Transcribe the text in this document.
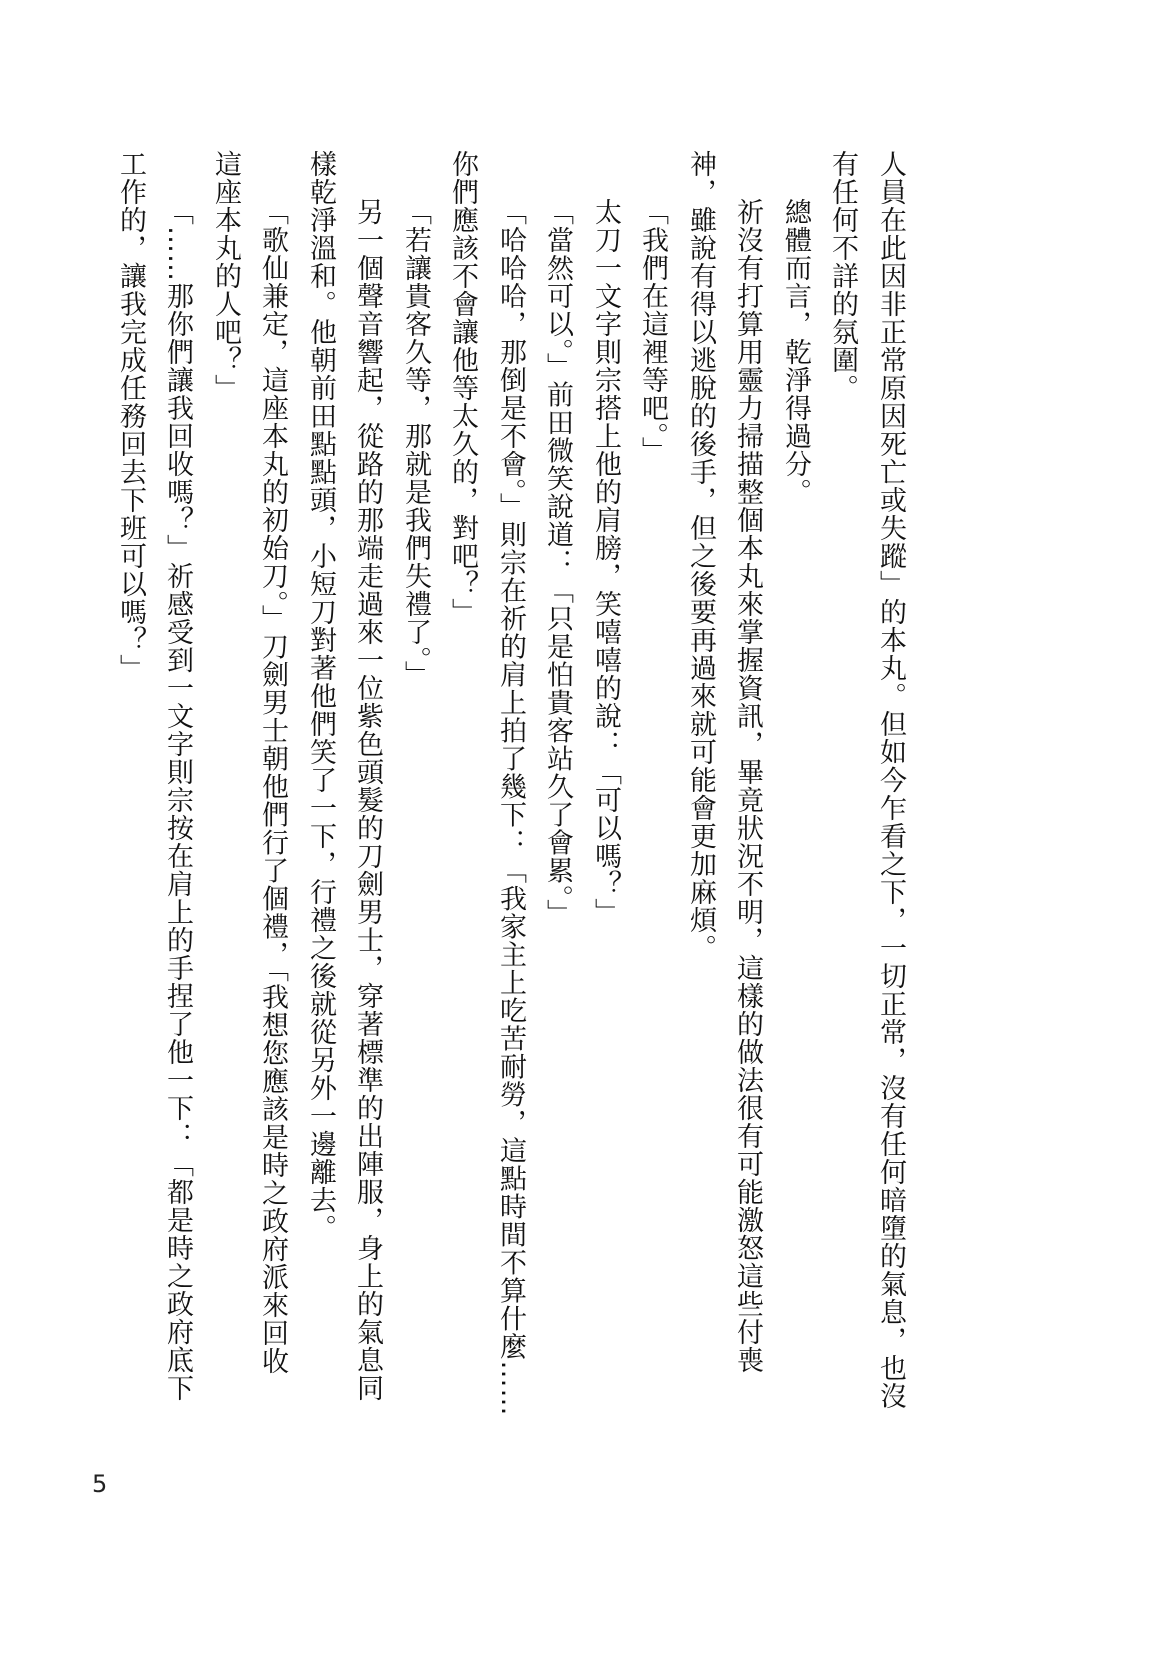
人員在此因非正常原因死亡或失蹤」的本丸。但如今乍看之下，一切正常，沒有任何暗墮的氣息，也沒
有任何不詳的氛圍。
總體而言，乾淨得過分。
祈沒有打算用靈力掃描整個本丸來掌握資訊，畢竟狀況不明，這樣的做法很有可能激怒這些付喪
神，雖說有得以逃脫的後手，但之後要再過來就可能會更加麻煩。
「我們在這裡等吧。」
太刀一文字則宗搭上他的肩膀，笑嘻嘻的說：「可以嗎？」
「當然可以。」前田微笑說道：「只是怕貴客站久了會累。」
「哈哈哈，那倒是不會。」則宗在祈的肩上拍了幾下：「我家主上吃苦耐勞，這點時間不算什麼……
你們應該不會讓他等太久的，對吧？」
「若讓貴客久等，那就是我們失禮了。」
另一個聲音響起，從路的那端走過來一位紫色頭髮的刀劍男士，穿著標準的出陣服，身上的氣息同
樣乾淨溫和。他朝前田點點頭，小短刀對著他們笑了一下，行禮之後就從另外一邊離去。
「歌仙兼定，這座本丸的初始刀。」刀劍男士朝他們行了個禮，「我想您應該是時之政府派來回收
這座本丸的人吧？」
「……那你們讓我回收嗎？」祈感受到一文字則宗按在肩上的手捏了他一下：「都是時之政府底下
工作的，讓我完成任務回去下班可以嗎？」
5
